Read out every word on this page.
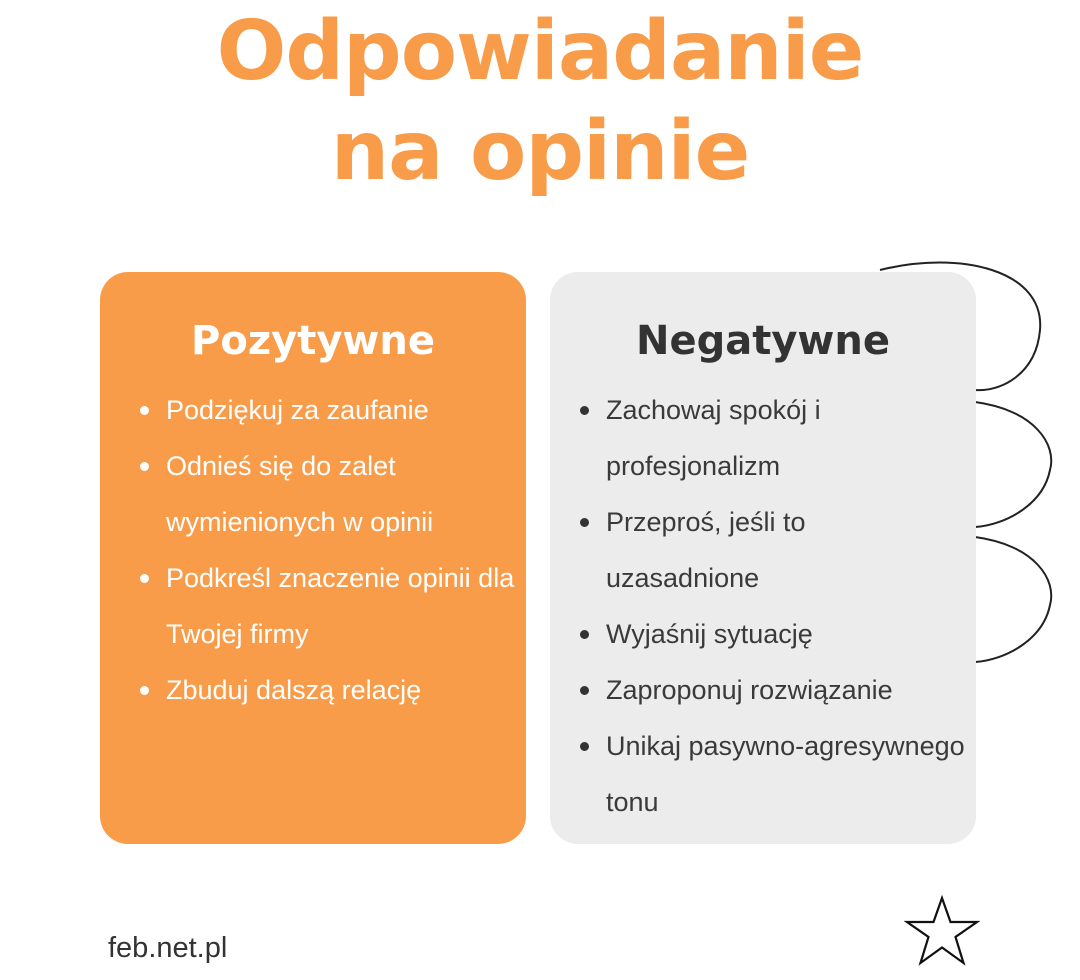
Odpowiadanie
na opinie
Pozytywne
Podziękuj za zaufanie
Odnieś się do zalet wymienionych w opinii
Podkreśl znaczenie opinii dla Twojej firmy
Zbuduj dalszą relację
Negatywne
Zachowaj spokój i profesjonalizm
Przeproś, jeśli to uzasadnione
Wyjaśnij sytuację
Zaproponuj rozwiązanie
Unikaj pasywno-agresywnego tonu
feb.net.pl
